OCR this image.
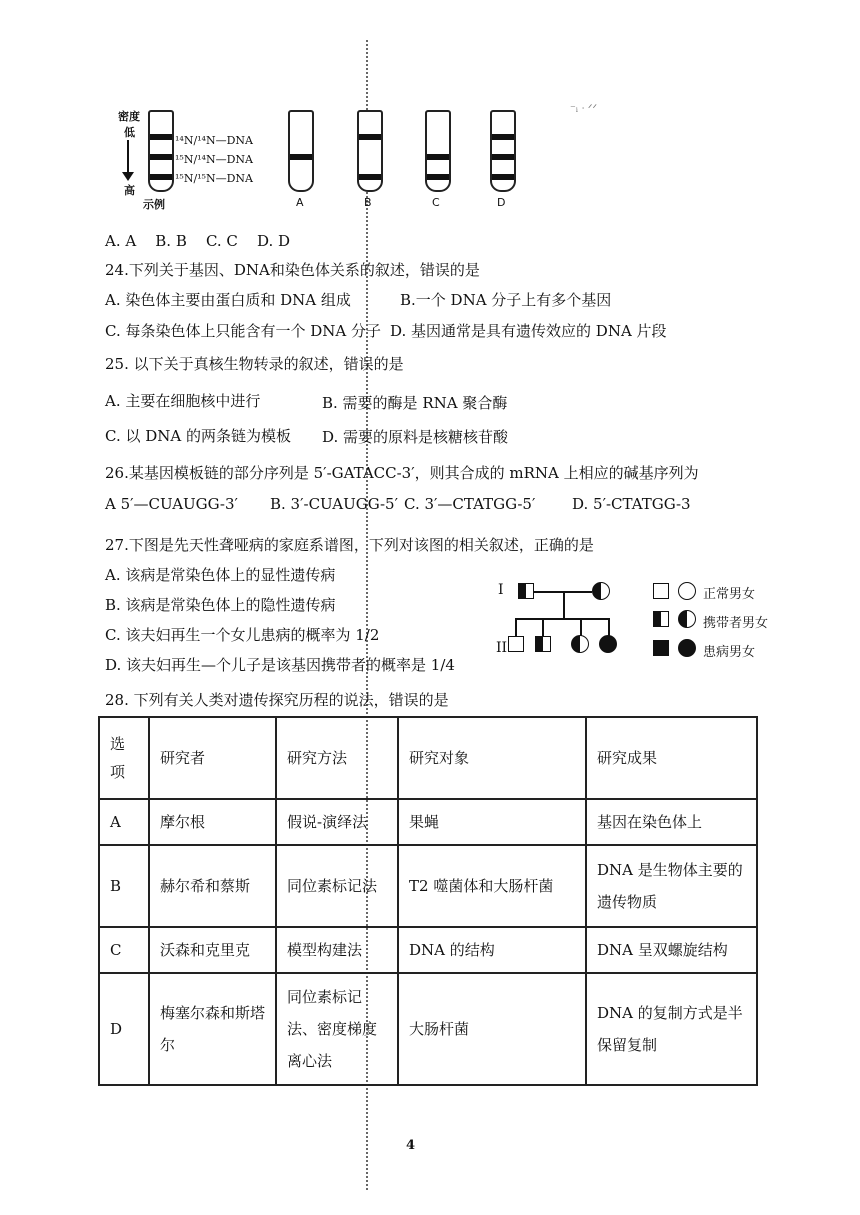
密度
低
高
¹⁴N/¹⁴N—DNA
¹⁵N/¹⁴N—DNA
¹⁵N/¹⁵N—DNA
示例	A	B	C	D
⁻ᵢ ᐧ ᐟᐟ
A. A B. B C. C D. D
24.下列关于基因、DNA和染色体关系的叙述，错误的是
A. 染色体主要由蛋白质和 DNA 组成	B.一个 DNA 分子上有多个基因
C. 每条染色体上只能含有一个 DNA 分子 D. 基因通常是具有遗传效应的 DNA 片段
25. 以下关于真核生物转录的叙述，错误的是
A. 主要在细胞核中进行	B. 需要的酶是 RNA 聚合酶
C. 以 DNA 的两条链为模板 D. 需要的原料是核糖核苷酸
26.某基因模板链的部分序列是 5′-GATACC-3′，则其合成的 mRNA 上相应的碱基序列为
A 5′—CUAUGG-3′ B. 3′-CUAUGG-5′ C. 3′—CTATGG-5′ D. 5′-CTATGG-3
27.下图是先天性聋哑病的家庭系谱图，下列对该图的相关叙述，正确的是
A. 该病是常染色体上的显性遗传病
B. 该病是常染色体上的隐性遗传病
C. 该夫妇再生一个女儿患病的概率为 1/2
D. 该夫妇再生—个儿子是该基因携带者的概率是 1/4
I
II
正常男女
携带者男女
患病男女
28. 下列有关人类对遗传探究历程的说法，错误的是
选项	研究者	研究方法	研究对象	研究成果
A	摩尔根	假说-演绎法	果蝇	基因在染色体上
B	赫尔希和蔡斯	同位素标记法	T2 噬菌体和大肠杆菌	DNA 是生物体主要的遗传物质
C	沃森和克里克	模型构建法	DNA 的结构	DNA 呈双螺旋结构
D	梅塞尔森和斯塔尔	同位素标记法、密度梯度离心法	大肠杆菌	DNA 的复制方式是半保留复制
4
